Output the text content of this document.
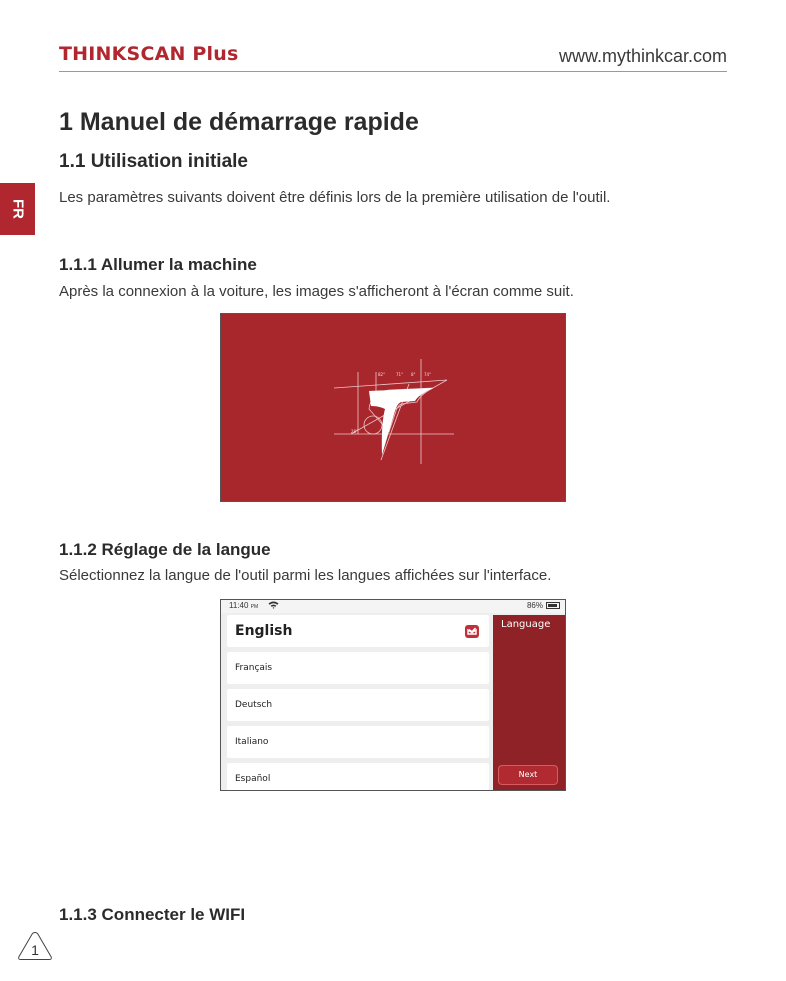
THINKSCAN Plus	www.mythinkcar.com
FR
1 Manuel de démarrage rapide
1.1 Utilisation initiale
Les paramètres suivants doivent être définis lors de la première utilisation de l'outil.
1.1.1 Allumer la machine
Après la connexion à la voiture, les images s'afficheront à l'écran comme suit.
82°	71° 8° 74°
28°
1.1.2 Réglage de la langue
Sélectionnez la langue de l'outil parmi les langues affichées sur l'interface.
11:40 PM	86%
English
Français
Deutsch
Italiano
Español
Language
Next
1.1.3 Connecter le WIFI
1
